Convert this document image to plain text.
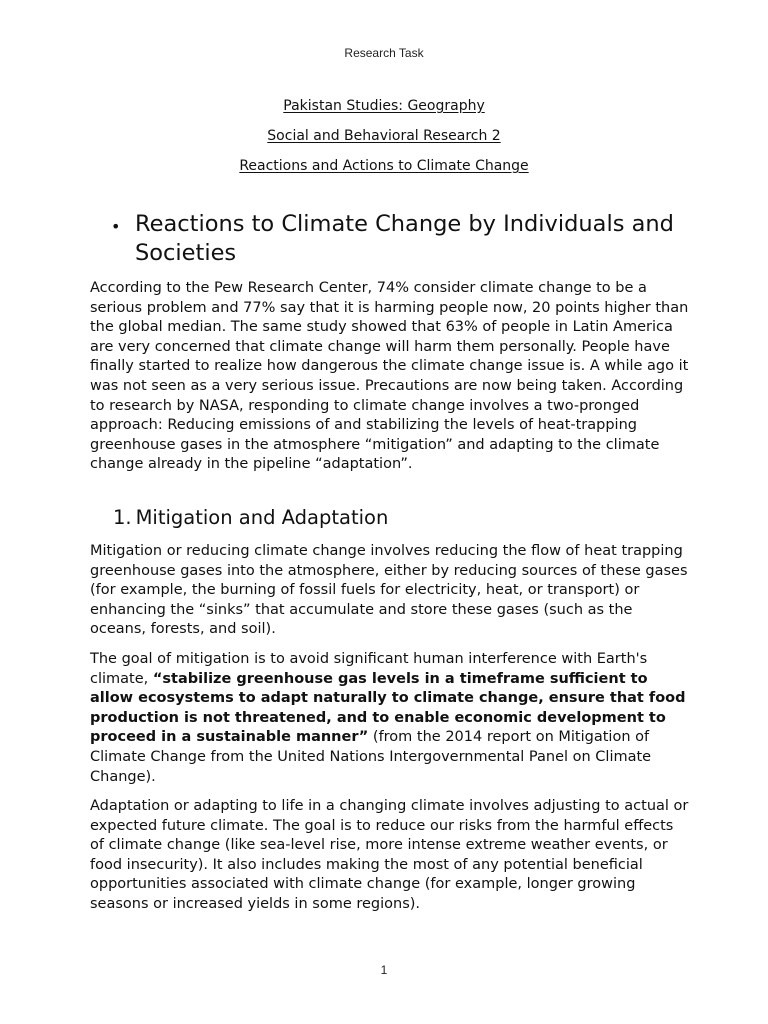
Research Task
Pakistan Studies: Geography
Social and Behavioral Research 2
Reactions and Actions to Climate Change
• Reactions to Climate Change by Individuals and Societies

According to the Pew Research Center, 74% consider climate change to be a serious problem and 77% say that it is harming people now, 20 points higher than the global median. The same study showed that 63% of people in Latin America are very concerned that climate change will harm them personally. People have finally started to realize how dangerous the climate change issue is. A while ago it was not seen as a very serious issue. Precautions are now being taken. According to research by NASA, responding to climate change involves a two-pronged approach: Reducing emissions of and stabilizing the levels of heat-trapping greenhouse gases in the atmosphere “mitigation” and adapting to the climate change already in the pipeline “adaptation”.

1. Mitigation and Adaptation

Mitigation or reducing climate change involves reducing the flow of heat trapping greenhouse gases into the atmosphere, either by reducing sources of these gases (for example, the burning of fossil fuels for electricity, heat, or transport) or enhancing the “sinks” that accumulate and store these gases (such as the oceans, forests, and soil).

The goal of mitigation is to avoid significant human interference with Earth's climate, “stabilize greenhouse gas levels in a timeframe sufficient to allow ecosystems to adapt naturally to climate change, ensure that food production is not threatened, and to enable economic development to proceed in a sustainable manner” (from the 2014 report on Mitigation of Climate Change from the United Nations Intergovernmental Panel on Climate Change).

Adaptation or adapting to life in a changing climate involves adjusting to actual or expected future climate. The goal is to reduce our risks from the harmful effects of climate change (like sea-level rise, more intense extreme weather events, or food insecurity). It also includes making the most of any potential beneficial opportunities associated with climate change (for example, longer growing seasons or increased yields in some regions).

1
